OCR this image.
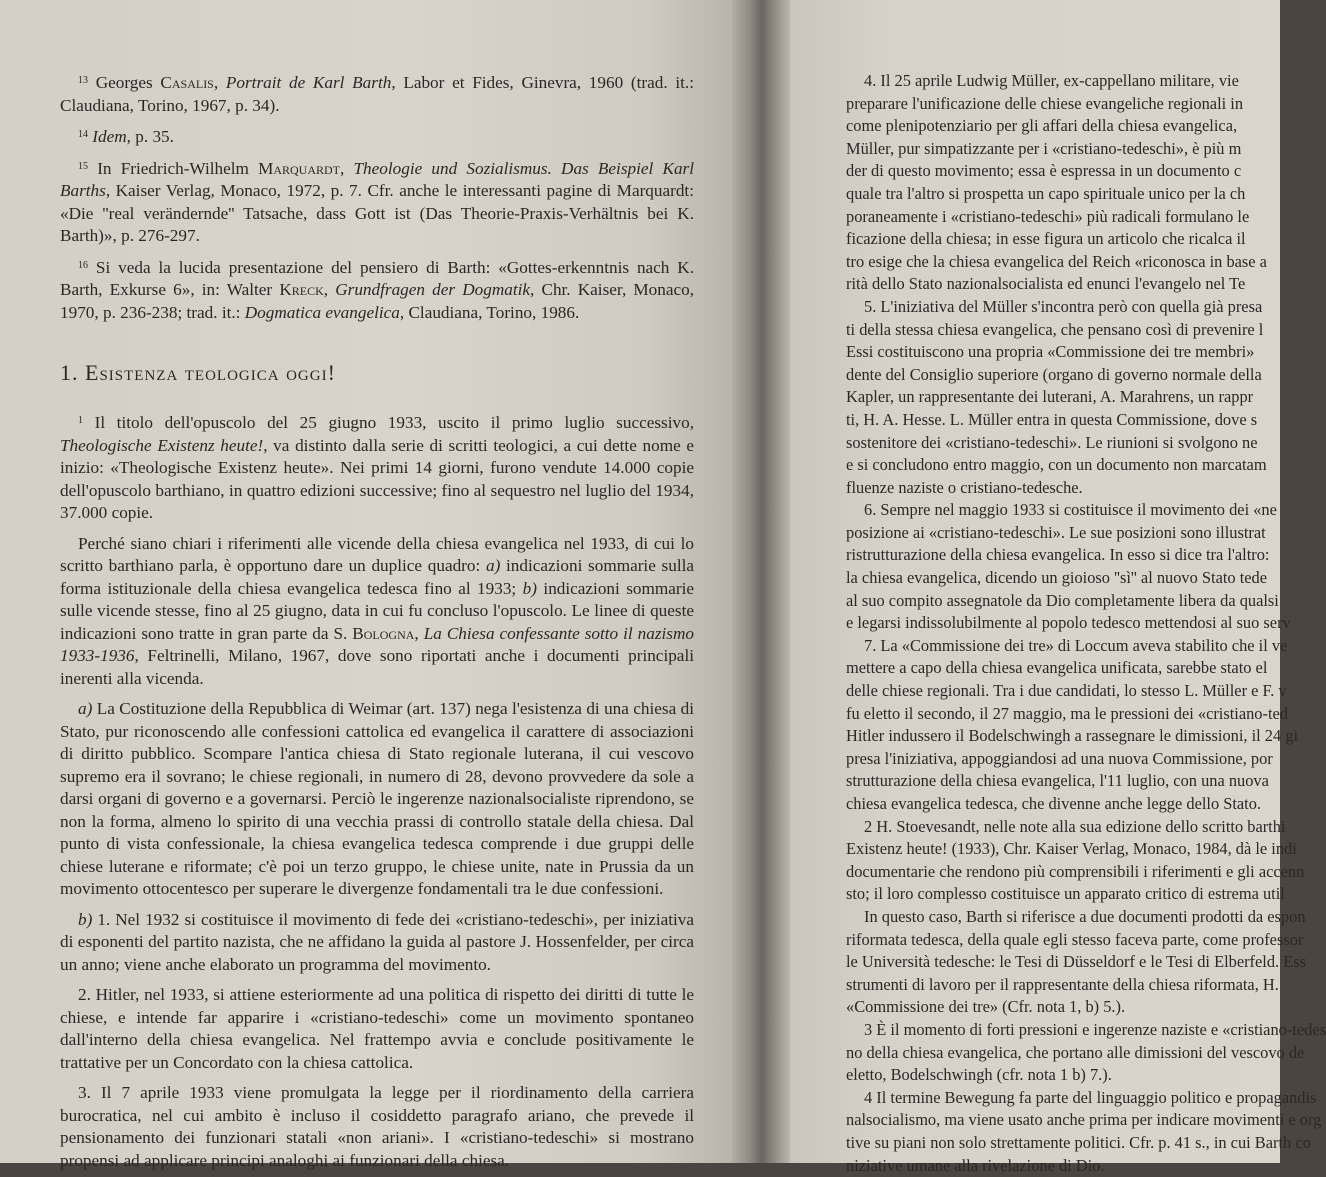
$^{13}$ Georges Casalis, Portrait de Karl Barth, Labor et Fides, Ginevra, 1960 (trad. it.: Claudiana, Torino, 1967, p. 34).

$^{14}$ Idem, p. 35.

$^{15}$ In Friedrich-Wilhelm Marquardt, Theologie und Sozialismus. Das Beispiel Karl Barths, Kaiser Verlag, Monaco, 1972, p. 7. Cfr. anche le interessanti pagine di Marquardt: «Die ''real verändernde'' Tatsache, dass Gott ist (Das Theorie-Praxis-Verhältnis bei K. Barth)», p. 276-297.

$^{16}$ Si veda la lucida presentazione del pensiero di Barth: «Gottes-erkenntnis nach K. Barth, Exkurse 6», in: Walter Kreck, Grundfragen der Dogmatik, Chr. Kaiser, Monaco, 1970, p. 236-238; trad. it.: Dogmatica evangelica, Claudiana, Torino, 1986.

1. Esistenza teologica oggi!

$^1$ Il titolo dell'opuscolo del 25 giugno 1933, uscito il primo luglio successivo, Theologische Existenz heute!, va distinto dalla serie di scritti teologici, a cui dette nome e inizio: «Theologische Existenz heute». Nei primi 14 giorni, furono vendute 14.000 copie dell'opuscolo barthiano, in quattro edizioni successive; fino al sequestro nel luglio del 1934, 37.000 copie.

Perché siano chiari i riferimenti alle vicende della chiesa evangelica nel 1933, di cui lo scritto barthiano parla, è opportuno dare un duplice quadro: a) indicazioni sommarie sulla forma istituzionale della chiesa evangelica tedesca fino al 1933; b) indicazioni sommarie sulle vicende stesse, fino al 25 giugno, data in cui fu concluso l'opuscolo. Le linee di queste indicazioni sono tratte in gran parte da S. Bologna, La Chiesa confessante sotto il nazismo 1933-1936, Feltrinelli, Milano, 1967, dove sono riportati anche i documenti principali inerenti alla vicenda.

a) La Costituzione della Repubblica di Weimar (art. 137) nega l'esistenza di una chiesa di Stato, pur riconoscendo alle confessioni cattolica ed evangelica il carattere di associazioni di diritto pubblico. Scompare l'antica chiesa di Stato regionale luterana, il cui vescovo supremo era il sovrano; le chiese regionali, in numero di 28, devono provvedere da sole a darsi organi di governo e a governarsi. Perciò le ingerenze nazionalsocialiste riprendono, se non la forma, almeno lo spirito di una vecchia prassi di controllo statale della chiesa. Dal punto di vista confessionale, la chiesa evangelica tedesca comprende i due gruppi delle chiese luterane e riformate; c'è poi un terzo gruppo, le chiese unite, nate in Prussia da un movimento ottocentesco per superare le divergenze fondamentali tra le due confessioni.

b) 1. Nel 1932 si costituisce il movimento di fede dei «cristiano-tedeschi», per iniziativa di esponenti del partito nazista, che ne affidano la guida al pastore J. Hossenfelder, per circa un anno; viene anche elaborato un programma del movimento.

2. Hitler, nel 1933, si attiene esteriormente ad una politica di rispetto dei diritti di tutte le chiese, e intende far apparire i «cristiano-tedeschi» come un movimento spontaneo dall'interno della chiesa evangelica. Nel frattempo avvia e conclude positivamente le trattative per un Concordato con la chiesa cattolica.

3. Il 7 aprile 1933 viene promulgata la legge per il riordinamento della carriera burocratica, nel cui ambito è incluso il cosiddetto paragrafo ariano, che prevede il pensionamento dei funzionari statali «non ariani». I «cristiano-tedeschi» si mostrano propensi ad applicare principi analoghi ai funzionari della chiesa.

4. Il 25 aprile Ludwig Müller, ex-cappellano militare, vie
preparare l'unificazione delle chiese evangeliche regionali in
come plenipotenziario per gli affari della chiesa evangelica,
Müller, pur simpatizzante per i «cristiano-tedeschi», è più m
der di questo movimento; essa è espressa in un documento c
quale tra l'altro si prospetta un capo spirituale unico per la ch
poraneamente i «cristiano-tedeschi» più radicali formulano le
ficazione della chiesa; in esse figura un articolo che ricalca il
tro esige che la chiesa evangelica del Reich «riconosca in base a
rità dello Stato nazionalsocialista ed enunci l'evangelo nel Te
5. L'iniziativa del Müller s'incontra però con quella già presa
ti della stessa chiesa evangelica, che pensano così di prevenire l
Essi costituiscono una propria «Commissione dei tre membri»
dente del Consiglio superiore (organo di governo normale della
Kapler, un rappresentante dei luterani, A. Marahrens, un rappr
ti, H. A. Hesse. L. Müller entra in questa Commissione, dove s
sostenitore dei «cristiano-tedeschi». Le riunioni si svolgono ne
e si concludono entro maggio, con un documento non marcatam
fluenze naziste o cristiano-tedesche.
6. Sempre nel maggio 1933 si costituisce il movimento dei «ne
posizione ai «cristiano-tedeschi». Le sue posizioni sono illustrat
ristrutturazione della chiesa evangelica. In esso si dice tra l'altro:
la chiesa evangelica, dicendo un gioioso ''sì'' al nuovo Stato tede
al suo compito assegnatole da Dio completamente libera da qualsi
e legarsi indissolubilmente al popolo tedesco mettendosi al suo serv
7. La «Commissione dei tre» di Loccum aveva stabilito che il ve
mettere a capo della chiesa evangelica unificata, sarebbe stato el
delle chiese regionali. Tra i due candidati, lo stesso L. Müller e F. v
fu eletto il secondo, il 27 maggio, ma le pressioni dei «cristiano-ted
Hitler indussero il Bodelschwingh a rassegnare le dimissioni, il 24 gi
presa l'iniziativa, appoggiandosi ad una nuova Commissione, por
strutturazione della chiesa evangelica, l'11 luglio, con una nuova
chiesa evangelica tedesca, che divenne anche legge dello Stato.
2 H. Stoevesandt, nelle note alla sua edizione dello scritto barthi
Existenz heute! (1933), Chr. Kaiser Verlag, Monaco, 1984, dà le indi
documentarie che rendono più comprensibili i riferimenti e gli accenn
sto; il loro complesso costituisce un apparato critico di estrema util
In questo caso, Barth si riferisce a due documenti prodotti da espon
riformata tedesca, della quale egli stesso faceva parte, come professor
le Università tedesche: le Tesi di Düsseldorf e le Tesi di Elberfeld. Ess
strumenti di lavoro per il rappresentante della chiesa riformata, H.
«Commissione dei tre» (Cfr. nota 1, b) 5.).
3 È il momento di forti pressioni e ingerenze naziste e «cristiano-tedes
no della chiesa evangelica, che portano alle dimissioni del vescovo de
eletto, Bodelschwingh (cfr. nota 1 b) 7.).
4 Il termine Bewegung fa parte del linguaggio politico e propagandis
nalsocialismo, ma viene usato anche prima per indicare movimenti e org
tive su piani non solo strettamente politici. Cfr. p. 41 s., in cui Barth co
niziative umane alla rivelazione di Dio.
